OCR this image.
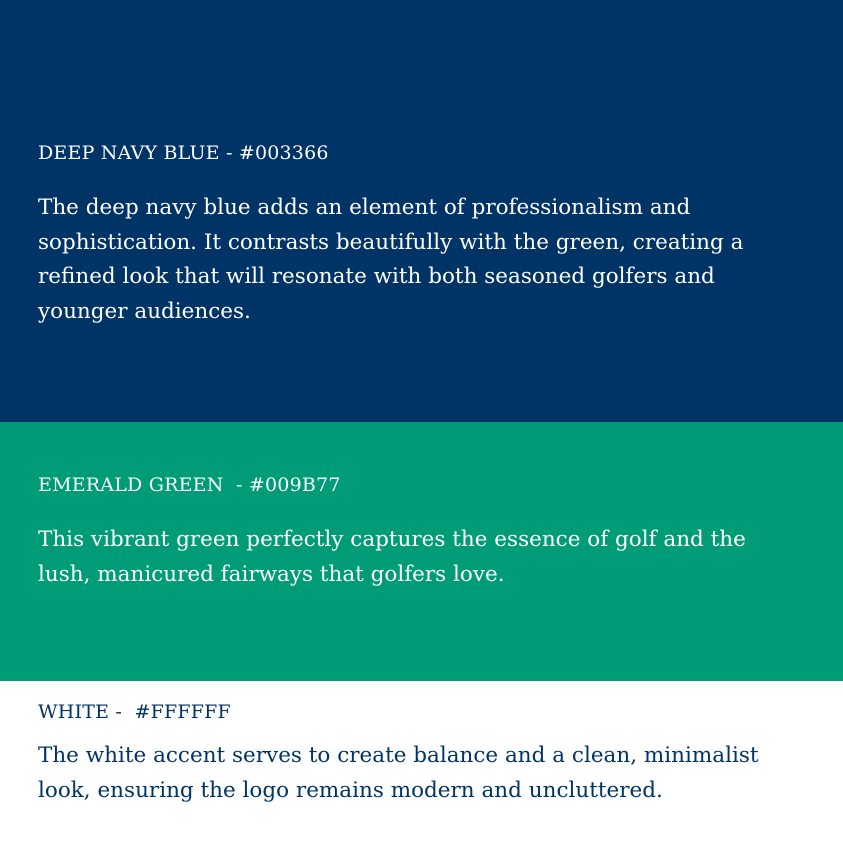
DEEP NAVY BLUE - #003366

The deep navy blue adds an element of professionalism and sophistication. It contrasts beautifully with the green, creating a refined look that will resonate with both seasoned golfers and younger audiences.

EMERALD GREEN  - #009B77

This vibrant green perfectly captures the essence of golf and the lush, manicured fairways that golfers love.

WHITE -  #FFFFFF

The white accent serves to create balance and a clean, minimalist look, ensuring the logo remains modern and uncluttered.
